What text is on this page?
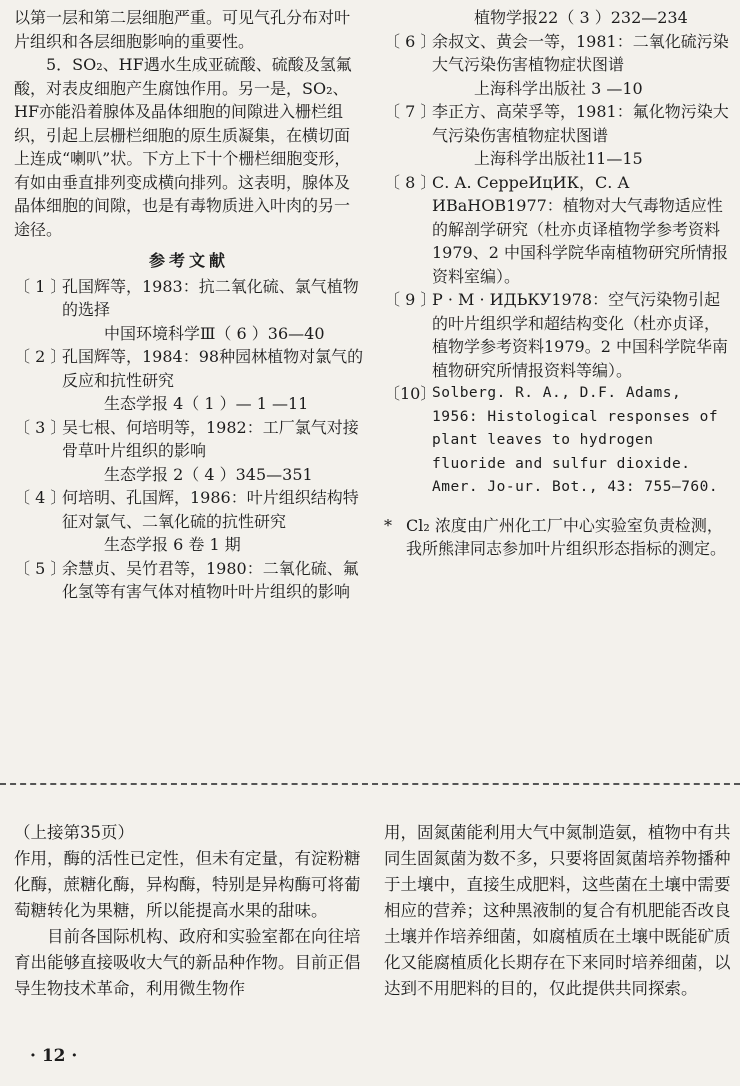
以第一层和第二层细胞严重。可见气孔分布对叶片组织和各层细胞影响的重要性。

5．SO₂、HF遇水生成亚硫酸、硫酸及氢氟酸，对表皮细胞产生腐蚀作用。另一是，SO₂、HF亦能沿着腺体及晶体细胞的间隙进入栅栏组织，引起上层栅栏细胞的原生质凝集，在横切面上连成“喇叭”状。下方上下十个栅栏细胞变形，有如由垂直排列变成横向排列。这表明，腺体及晶体细胞的间隙，也是有毒物质进入叶肉的另一途径。

参考文献

〔 1 〕
孔国辉等，1983：抗二氧化硫、氯气植物的选择

中国环境科学Ⅲ（ 6 ）36—40

〔 2 〕
孔国辉等，1984：98种园林植物对氯气的反应和抗性研究

生态学报 4（ 1 ）— 1 —11

〔 3 〕
吴七根、何培明等，1982：工厂氯气对接骨草叶片组织的影响

生态学报 2（ 4 ）345—351

〔 4 〕
何培明、孔国辉，1986：叶片组织结构特征对氯气、二氧化硫的抗性研究

生态学报 6 卷 1 期

〔 5 〕
余慧贞、吴竹君等，1980：二氧化硫、氟化氢等有害气体对植物叶叶片组织的影响

植物学报22（ 3 ）232—234

〔 6 〕
余叔文、黄会一等，1981：二氧化硫污染大气污染伤害植物症状图谱

上海科学出版社 3 —10

〔 7 〕
李正方、高荣孚等，1981：氟化物污染大气污染伤害植物症状图谱

上海科学出版社11—15

〔 8 〕
С. А. СерреИцИК，С. А ИВаНОВ1977：植物对大气毒物适应性的解剖学研究（杜亦贞译植物学参考资料1979、2 中国科学院华南植物研究所情报资料室编）。
〔 9 〕
Р · М · ИДЬКУ1978：空气污染物引起的叶片组织学和超结构变化（杜亦贞译，植物学参考资料1979。2 中国科学院华南植物研究所情报资料等编）。
〔10〕
Solberg. R. A., D.F. Adams, 1956: Histological responses of plant leaves to hydrogen fluoride and sulfur dioxide. Amer. Jo-ur. Bot., 43: 755—760.
* Cl₂ 浓度由广州化工厂中心实验室负责检测，我所熊津同志参加叶片组织形态指标的测定。

（上接第35页）

作用，酶的活性已定性，但未有定量，有淀粉糖化酶，蔗糖化酶，异构酶，特别是异构酶可将葡萄糖转化为果糖，所以能提高水果的甜味。

目前各国际机构、政府和实验室都在向往培育出能够直接吸收大气的新品种作物。目前正倡导生物技术革命，利用微生物作

用，固氮菌能利用大气中氮制造氨，植物中有共同生固氮菌为数不多，只要将固氮菌培养物播种于土壤中，直接生成肥料，这些菌在土壤中需要相应的营养；这种黑液制的复合有机肥能否改良土壤并作培养细菌，如腐植质在土壤中既能矿质化又能腐植质化长期存在下来同时培养细菌，以达到不用肥料的目的，仅此提供共同探索。

· 12 ·
